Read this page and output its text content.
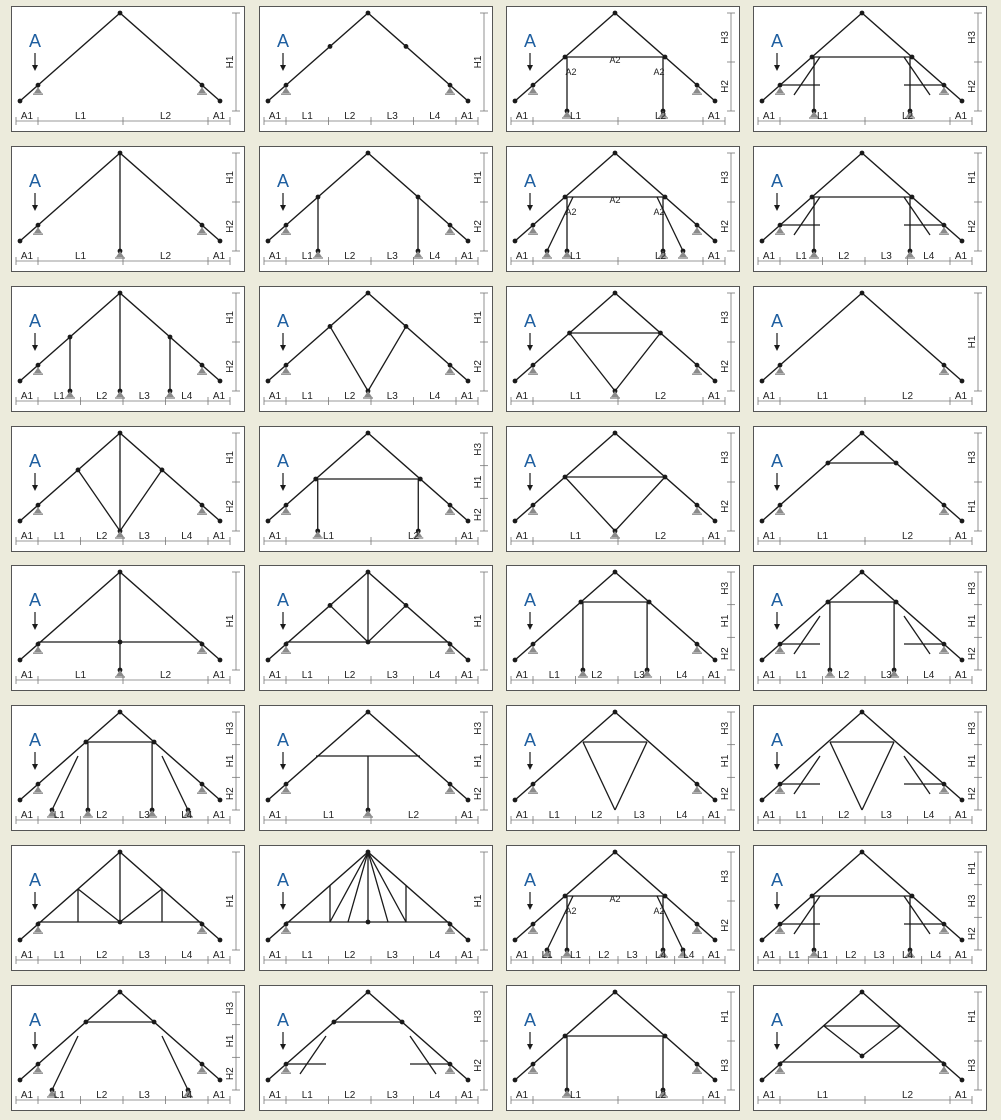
A
A1	L1	L2	A1
H1
A
A1 L1	L2	L3	L4 A1
H1
A
A1	L1	L2	A1
H3
H2
A2
A2
A2
A
A1	L1	L2	A1
H3
H2
A
A1	L1	L2	A1
H1
H2
A
A1 L1	L2	L3	L4 A1
H1
H2
A
A1	L1	L2	A1
H3
H2
A2
A2
A2
A
A1 L1	L2	L3	L4 A1
H1
H2
A
A1 L1	L2	L3	L4 A1
H1
H2
A
A1 L1	L2	L3	L4 A1
H1
H2
A
A1	L1	L2	A1
H3
H2
A
A1	L1	L2	A1
H1
A
A1 L1	L2	L3	L4 A1
H1
H2
A
A1	L1	L2	A1
H3
H1
H2
A
A1	L1	L2	A1
H3
H2
A
A1	L1	L2	A1
H3
H1
A
A1	L1	L2	A1
H1
A
A1 L1	L2	L3	L4 A1
H1
A
A1 L1	L2	L3	L4 A1
H3
H1
H2
A
A1 L1	L2	L3	L4 A1
H3
H1
H2
A
A1 L1	L2	L3	L4 A1
H3
H1
H2
A
A1	L1	L2	A1
H3
H1
H2
A
A1 L1	L2	L3	L4 A1
H3
H1
H2
A
A1 L1	L2	L3	L4 A1
H3
H1
H2
A
A1 L1	L2	L3	L4 A1
H1
A
A1 L1	L2	L3	L4 A1
H1
A
A1 L1 L1 L2 L3 L4 L4 A1
H3
H2
A2
A2
A2
A
A1 L1 L1 L2 L3 L4 L4 A1
H1
H3
H2
A
A1 L1	L2	L3	L4 A1
H3
H1
H2
A
A1 L1	L2	L3	L4 A1
H3
H2
A
A1	L1	L2	A1
H1
H3
A
A1	L1	L2	A1
H1
H3
